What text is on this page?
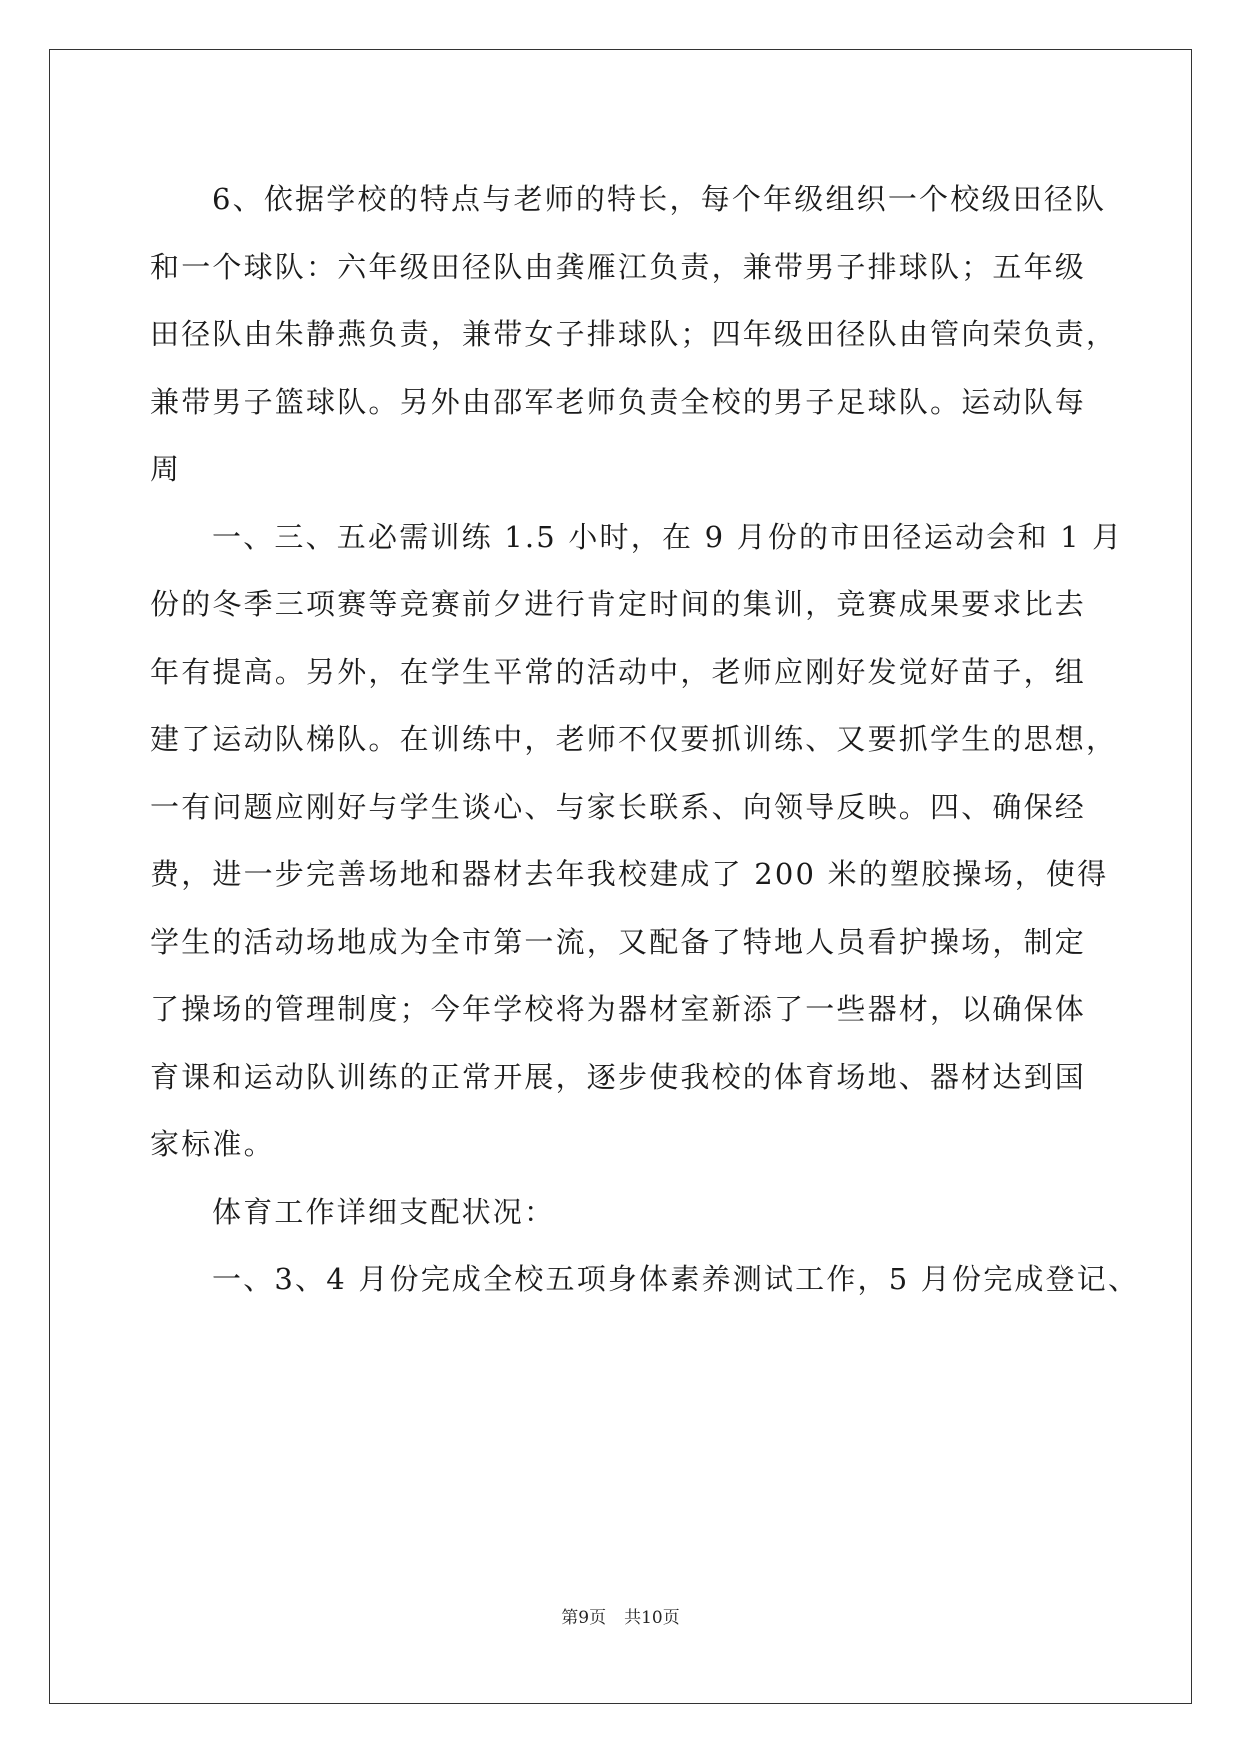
6、依据学校的特点与老师的特长，每个年级组织一个校级田径队
和一个球队：六年级田径队由龚雁江负责，兼带男子排球队；五年级
田径队由朱静燕负责，兼带女子排球队；四年级田径队由管向荣负责，
兼带男子篮球队。另外由邵军老师负责全校的男子足球队。运动队每
周
一、三、五必需训练 1.5 小时，在 9 月份的市田径运动会和 1 月
份的冬季三项赛等竞赛前夕进行肯定时间的集训，竞赛成果要求比去
年有提高。另外，在学生平常的活动中，老师应刚好发觉好苗子，组
建了运动队梯队。在训练中，老师不仅要抓训练、又要抓学生的思想，
一有问题应刚好与学生谈心、与家长联系、向领导反映。四、确保经
费，进一步完善场地和器材去年我校建成了 200 米的塑胶操场，使得
学生的活动场地成为全市第一流，又配备了特地人员看护操场，制定
了操场的管理制度；今年学校将为器材室新添了一些器材，以确保体
育课和运动队训练的正常开展，逐步使我校的体育场地、器材达到国
家标准。
体育工作详细支配状况：
一、3、4 月份完成全校五项身体素养测试工作，5 月份完成登记、

第9页 共10页
